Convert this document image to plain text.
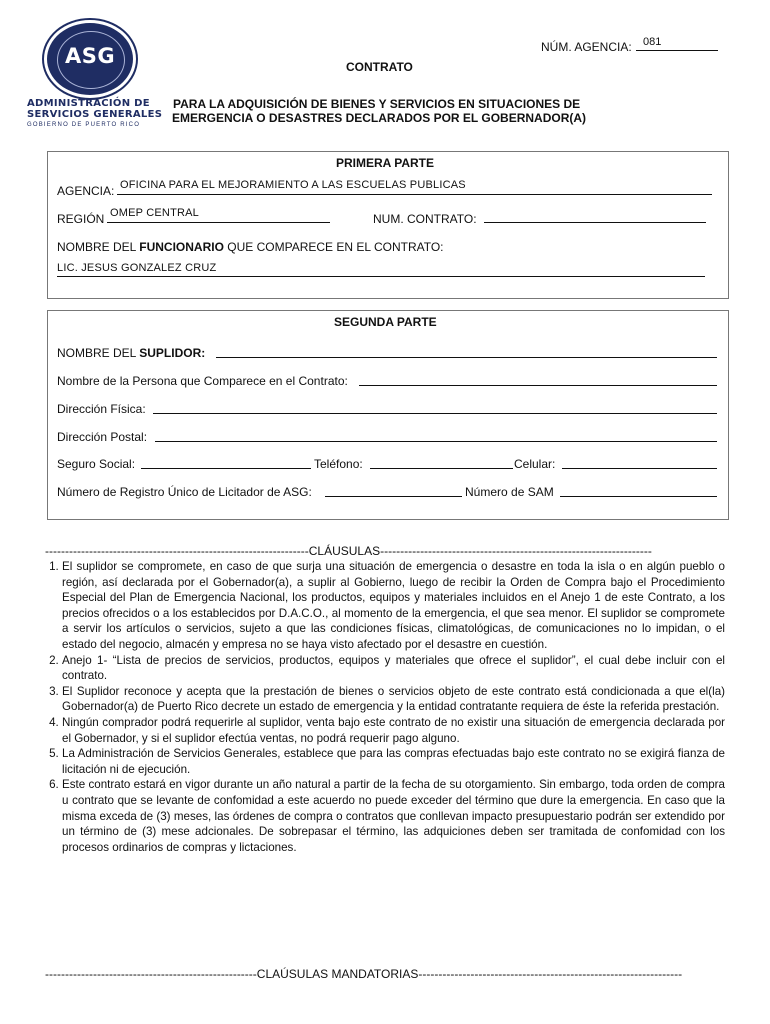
ASG
ADMINISTRACIÓN DE
SERVICIOS GENERALES
GOBIERNO DE PUERTO RICO
NÚM. AGENCIA: 081
CONTRATO
PARA LA ADQUISICIÓN DE BIENES Y SERVICIOS EN SITUACIONES DE
EMERGENCIA O DESASTRES DECLARADOS POR EL GOBERNADOR(A)
PRIMERA PARTE
AGENCIA: OFICINA PARA EL MEJORAMIENTO A LAS ESCUELAS PUBLICAS
REGIÓN OMEP CENTRAL	NUM. CONTRATO:
NOMBRE DEL FUNCIONARIO QUE COMPARECE EN EL CONTRATO:
LIC. JESUS GONZALEZ CRUZ
SEGUNDA PARTE
NOMBRE DEL SUPLIDOR:
Nombre de la Persona que Comparece en el Contrato:
Dirección Física:
Dirección Postal:
Seguro Social:	Teléfono:	Celular:
Número de Registro Único de Licitador de ASG:	Número de SAM
------------------------------------------------------------------CLÁUSULAS--------------------------------------------------------------------
1. El suplidor se compromete, en caso de que surja una situación de emergencia o desastre en toda la isla o en algún pueblo o región, así declarada por el Gobernador(a), a suplir al Gobierno, luego de recibir la Orden de Compra bajo el Procedimiento Especial del Plan de Emergencia Nacional, los productos, equipos y materiales incluidos en el Anejo 1 de este Contrato, a los precios ofrecidos o a los establecidos por D.A.C.O., al momento de la emergencia, el que sea menor. El suplidor se compromete a servir los artículos o servicios, sujeto a que las condiciones físicas, climatológicas, de comunicaciones no lo impidan, o el estado del negocio, almacén y empresa no se haya visto afectado por el desastre en cuestión.
2. Anejo 1- “Lista de precios de servicios, productos, equipos y materiales que ofrece el suplidor”, el cual debe incluir con el contrato.
3. El Suplidor reconoce y acepta que la prestación de bienes o servicios objeto de este contrato está condicionada a que el(la) Gobernador(a) de Puerto Rico decrete un estado de emergencia y la entidad contratante requiera de éste la referida prestación.
4. Ningún comprador podrá requerirle al suplidor, venta bajo este contrato de no existir una situación de emergencia declarada por el Gobernador, y si el suplidor efectúa ventas, no podrá requerir pago alguno.
5. La Administración de Servicios Generales, establece que para las compras efectuadas bajo este contrato no se exigirá fianza de licitación ni de ejecución.
6. Este contrato estará en vigor durante un año natural a partir de la fecha de su otorgamiento. Sin embargo, toda orden de compra u contrato que se levante de confomidad a este acuerdo no puede exceder del término que dure la emergencia. En caso que la misma exceda de (3) meses, las órdenes de compra o contratos que conllevan impacto presupuestario podrán ser extendido por un término de (3) mese adcionales. De sobrepasar el término, las adquiciones deben ser tramitada de confomidad con los procesos ordinarios de compras y lictaciones.
-----------------------------------------------------CLAÚSULAS MANDATORIAS------------------------------------------------------------------
